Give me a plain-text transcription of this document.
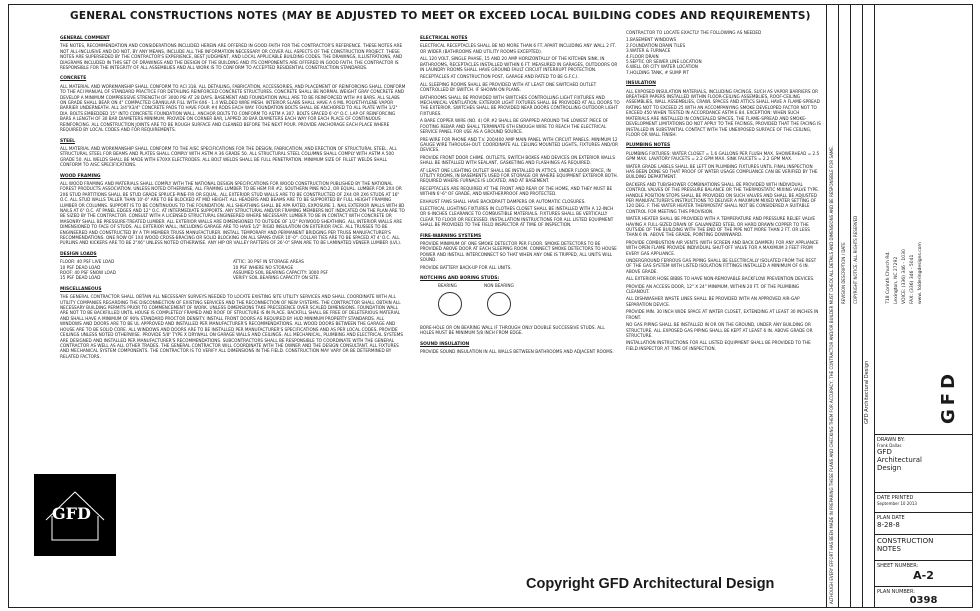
GENERAL CONSTRUCTIONS NOTES (MAY BE ADJUSTED TO MEET OR EXCEED LOCAL BUILDING CODES AND REQUIREMENTS)
GENERAL COMMENT
THE NOTES, RECOMMENDATION AND CONSIDERATIONS INCLUDED HEREIN ARE OFFERED IN GOOD FAITH FOR THE CONTRACTOR'S REFERENCE. THESE NOTES ARE NOT ALL-INCLUSIVE AND DO NOT, BY ANY MEANS, INCLUDE ALL THE INFORMATION NECESSARY OR COVER ALL ASPECTS OF THE CONSTRUCTION PROJECT. THESE NOTES ARE SUPERSEDED BY THE CONTRACTOR'S EXPERIENCE, BEST JUDGMENT, AND LOCAL APPLICABLE BUILDING CODES. THE DRAWINGS, ILLUSTRATIONS, AND DIAGRAMS INCLUDED IN THIS SET OF DRAWINGS AND THE DESIGN OF THE BUILDING AND ITS COMPONENTS ARE OFFERED IN GOOD FAITH. THE CONTRACTOR IS RESPONSIBLE FOR THE INTEGRITY OF ALL ASSEMBLIES AND ALL WORK IS TO CONFORM TO ACCEPTED RESIDENTIAL CONSTRUCTION STANDARDS.
CONCRETE
ALL MATERIAL AND WORKMANSHIP SHALL CONFORM TO ACI 318. ALL DETAILING, FABRICATION, ACCESSORIES, AND PLACEMENT OF REINFORCING SHALL CONFORM TO THE ACI MANUAL OF STANDARD PRACTICE FOR DETAILING REINFORCED CONCRETE STRUCTURES. CONCRETE SHALL BE NORMAL WEIGHT GRAY CONCRETE AND DEVELOP A MINIMUM COMPRESSIVE STRENGTH OF 3000 PSI AT 28 DAYS. BASEMENT AND FOUNDATION WALL ARE TO BE REINFORCED WITH #4 BARS. ALL SLABS ON GRADE SHALL BEAR ON 4" COMPACTED GRANULAR FILL WITH 6X6 - 1.4 WELDED WIRE MESH. INTERIOR SLABS SHALL HAVE A 6 MIL POLYETHYLENE VAPOR BARRIER UNDERNEATH. ALL 3/4"X3/4" CONCRETE PADS TO HAVE FOUR #4 RODS EACH WAY. FOUNDATION BOLTS SHALL BE ANCHORED TO ALL PLATE WITH 1/2" DIA. BOLTS EMBEDDED 15" INTO CONCRETE FOUNDATION WALL. ANCHOR BOLTS TO CONFORM TO ASTM A 307. BOLTS SPACED 6'-0" O.C. LAP OF REINFORCING BARS A LENGTH OF 30 BAR DIAMETERS MINIMUM. PROVIDE ON CORNER BAR, LAPPED 30 BAR DIAMETERS EACH WAY FOR EACH PLACE OF CONTINUOUS REINFORCING. ALL CONSTRUCTION JOINTS ARE TO BE ROUGH SURFACE AND CLEANED BEFORE THE NEXT POUR. PROVIDE ANCHORAGE EACH PLACE WHERE REQUIRED BY LOCAL CODES AND FOR REQUIREMENTS.
STEEL
ALL MATERIAL AND WORKMANSHIP SHALL CONFORM TO THE AISC SPECIFICATIONS FOR THE DESIGN, FABRICATION, AND ERECTION OF STRUCTURAL STEEL. ALL STRUCTURAL STEEL FOR BEAMS AND PLATES SHALL COMPLY WITH ASTM A 36 GRADE 50. ALL STRUCTURAL STEEL COLUMNS SHALL COMPLY WITH ASTM A 500 GRADE 50. ALL WELDS SHALL BE MADE WITH E70XX ELECTRODES. ALL BOLT WELDS SHALL BE FULL PENETRATION. MINIMUM SIZE OF FILLET WELDS SHALL CONFORM TO AISC SPECIFICATIONS.
WOOD FRAMING
ALL WOOD FRAMING AND MATERIALS SHALL COMPLY WITH THE NATIONAL DESIGN SPECIFICATIONS FOR WOOD CONSTRUCTION PUBLISHED BY THE NATIONAL FOREST PRODUCTS ASSOCIATION. UNLESS NOTED OTHERWISE, ALL FRAMING LUMBER TO BE HEM FIR #2, SOUTHERN PINE NO.2, OR EQUAL. LUMBER FOR 2X4 OR 2X6 STUD PARTITIONS SHALL BE STUD GRADE SPRUCE-PINE-FIR OR EQUAL. ALL EXTERIOR STUD WALLS ARE TO BE CONSTRUCTED OF 2X4 OR 2X6 STUDS AT 16" O.C. ALL STUD WALLS TALLER THAN 10'-0" ARE TO BE BLOCKED AT MID HEIGHT. ALL HEADERS AND BEAMS ARE TO BE SUPPORTED BY FULL HEIGHT FRAMING LUMBER OR COLUMNS. SUPPORT IS TO BE CONTINUOUS TO THE FOUNDATION. ALL SHEATHING SHALL BE APA RATED, EXPOSURE 1. NAIL EXTERIOR WALLS WITH 8D NAILS AT 6" O.C. AT PANEL EDGES AND 12" O.C. AT INTERMEDIATE SUPPORTS. ANY STRUCTURAL AND/OR FRAMING MEMBERS NOT INDICATED ON THE PLAN ARE TO BE SIZED BY THE CONTRACTOR. CONSULT WITH A LICENSED STRUCTURAL ENGINEERED WHERE NECESSARY. LUMBER TO BE IN CONTACT WITH CONCRETE OR MASONRY SHALL BE PRESSURE-TREATED LUMBER. ALL EXTERIOR WALLS ARE DIMENSIONED TO OUTSIDE OF 1/2" PLYWOOD SHEATHING. ALL INTERIOR WALLS ARE DIMENSIONED TO FACE OF STUDS. ALL EXTERIOR WALL, INCLUDING GARAGE ARE TO HAVE 1/2" RIGID INSULATION ON EXTERIOR FACE. ALL TRUSSES TO BE ENGINEERED AND CONSTRUCTED BY A TPI MEMBER TRUSS MANUFACTURER. INSTALL TEMPORARY AND PERMANENT BRIDGING PER TRUSS MANUFACTURER'S RECOMMENDATIONS. ONE ROW OF 1X4 WOOD CROSS-BRACING OR SOLID BLOCKING ON ALL SPANS OVER 10'-0". COLLAR TIES ARE TO BE SPACED AT 4' O.C. ALL PURLINS AND KICKERS ARE TO BE 2"X6" UNLESS NOTED OTHERWISE. ANY HIP OR VALLEY RAFTERS OF 26'-0" SPAN ARE TO BE LAMINATED VENEER LUMBER (LVL).
DESIGN LOADS
FLOOR: 40 PSF LIVE LOAD	ATTIC: 30 PSF IN STORAGE AREAS
10 PSF DEAD LOAD	10 PSF WHERE NO STORAGE
ROOF: 40 PSF SNOW LOAD	ASSUMED SOIL BEARING CAPACITY: 3000 PSF
15 PSF DEAD LOAD	VERIFY SOIL BEARING CAPACITY ON SITE.
MISCELLANEOUS
THE GENERAL CONTRACTOR SHALL OBTAIN ALL NECESSARY SURVEYS NEEDED TO LOCATE EXISTING SITE UTILITY SERVICES AND SHALL COORDINATE WITH ALL UTILITY COMPANIES REGARDING THE DISCONNECTION OF EXISTING SERVICES AND THE RECONNECTION OF NEW SYSTEMS. THE CONTRACTOR SHALL OBTAIN ALL NECESSARY BUILDING PERMITS PRIOR TO COMMENCEMENT OF WORK. UNLESS DIMENSIONS TAKE PRECEDENCE OVER SCALED DIMENSIONS. FOUNDATION WALL ARE NOT TO BE BACKFILLED UNTIL HOUSE IS COMPLETELY FRAMED AND ROOF OF STRUCTURE IS IN PLACE. BACKFILL SHALL BE FREE OF DELETERIOUS MATERIAL AND SHALL HAVE A MINIMUM OF 90% STANDARD PROCTOR DENSITY. INSTALL FRONT DOORS AS REQUIRED BY HUD MINIMUM PROPERTY STANDARDS. ALL WINDOWS AND DOORS ARE TO BE UL APPROVED AND INSTALLED PER MANUFACTURER'S RECOMMENDATIONS. ALL WOOD DOORS BETWEEN THE GARAGE AND HOUSE ARE TO BE SOLID CORE. ALL WINDOWS AND DOORS ARE TO BE INSTALLED PER MANUFACTURER'S SPECIFICATIONS AND AS PER LOCAL CODES. PROVIDE CEILINGS UNLESS NOTED OTHERWISE. PROVIDE 5/8" TYPE X DRYWALL ON GARAGE WALLS AND CEILINGS. ALL MECHANICAL, PLUMBING AND ELECTRICAL SYSTEMS ARE DESIGNED AND INSTALLED PER MANUFACTURER'S RECOMMENDATIONS. SUBCONTRACTORS SHALL BE RESPONSIBLE TO COORDINATE WITH THE GENERAL CONTRACTOR AS WELL AS ALL OTHER TRADES. THE GENERAL CONTRACTOR WILL COORDINATE WITH THE OWNER AND THE DESIGN CONSULTANT. ALL FIXTURES AND MECHANICAL SYSTEM COMPONENTS. THE CONTRACTOR IS TO VERIFY ALL DIMENSIONS IN THE FIELD. CONSTRUCTION MAY VARY OR BE DETERMINED BY RELATED FACTORS.
ELECTRICAL NOTES
ELECTRICAL RECEPTACLES SHALL BE NO MORE THAN 6 FT. APART INCLUDING ANY WALL 2 FT. OR WIDER (BATHROOMS AND UTILITY ROOMS EXCEPTED).
ALL 120 VOLT, SINGLE PHASE, 15 AND 20 AMP HORIZONTALLY OF THE KITCHEN SINK, IN BATHROOMS, RECEPTACLES INSTALLED WITHIN 6 FT. MEASURED IN GARAGES, OUTDOORS OR IN LAUNDRY ROOMS SHALL HAVE GROUND FAULT CIRCUIT INTERRUPT PROTECTION.
RECEPTACLES AT CONSTRUCTION POST, GARAGE AND RATED TO BE G.F.C.I.
ALL SLEEPING ROOMS SHALL BE PROVIDED WITH AT LEAST ONE SWITCHED OUTLET CONTROLLED BY SWITCH. IF SHOWN ON PLANS.
BATHROOMS SHALL BE PROVIDED WITH SWITCHES CONTROLLING LIGHT FIXTURES AND MECHANICAL VENTILATION. EXTERIOR LIGHT FIXTURES SHALL BE PROVIDED AT ALL DOORS TO THE EXTERIOR. SWITCHES SHALL BE PROVIDED NEAR DOORS CONTROLLING OUTDOOR LIGHT FIXTURES.
A BARE COPPER WIRE (NO. 4) OR #2 SHALL BE GRAPPED AROUND THE LOWEST PIECE OF FOOTING REBAR AND SHALL TERMINATE 6TH ENOUGH WIRE TO REACH THE ELECTRICAL SERVICE PANEL FOR USE AS A GROUND SOURCE.
PRE-WIRE FOR PHONE AND T.V. 200/400 AMP MAIN PANEL WITH CIRCUIT PANELS. MINIMUM 12 GAUGE WIRE THROUGH-OUT. COORDINATE ALL CEILING MOUNTED LIGHTS, FIXTURES AND/OR DEVICES.
PROVIDE FRONT DOOR CHIME. OUTLETS, SWITCH BOXES AND DEVICES ON EXTERIOR WALLS SHALL BE INSTALLED WITH SEALANT, GASKETING AND FLASHINGS AS REQUIRED.
AT LEAST ONE LIGHTING OUTLET SHALL BE INSTALLED IN ATTICS, UNDER FLOOR SPACE, IN UTILITY ROOMS, IN BASEMENTS USED FOR STORAGE OR WHERE EQUIPMENT EXTERIOR BOTH. REQUIRED WHERE FURNACE IS LOCATED, AND AT BASEMENT.
RECEPTACLES ARE REQUIRED AT THE FRONT AND REAR OF THE HOME, AND THEY MUST BE WITHIN 6'-6" OF GRADE, AND WEATHERPROOF AND PROTECTED.
EXHAUST FANS SHALL HAVE BACKDRAFT DAMPERS OR AUTOMATIC CLOSURES.
ELECTRICAL LIGHTING FIXTURES IN CLOTHES CLOSET SHALL BE INSTALLED WITH A 12-INCH OR 6-INCHES CLEARANCE TO COMBUSTIBLE MATERIALS. FIXTURES SHALL BE VERTICALLY CLEAR TO FLOOR OR RECESSED. INSTALLATION INSTRUCTIONS FOR ALL LISTED EQUIPMENT SHALL BE PROVIDED TO THE FIELD INSPECTOR AT TIME OF INSPECTION.
FIRE-WARNING SYSTEMS
PROVIDE MINIMUM OF ONE SMOKE DETECTOR PER FLOOR. SMOKE DETECTORS TO BE PROVIDED ABOVE DOOR AT EACH SLEEPING ROOM. CONNECT SMOKE DETECTORS TO HOUSE POWER AND INSTALL INTERCONNECT SO THAT WHEN ANY ONE IS TRIPPED, ALL UNITS WILL SOUND.
PROVIDE BATTERY BACK-UP FOR ALL UNITS.
NOTCHING AND BORING STUDS:
BEARING	NON BEARING
BORE-HOLE OR ON BEARING WALL IF THROUGH ONLY DOUBLE SUCCESSIVE STUDS. ALL HOLES MUST BE MINIMUM 5/8 INCH FROM EDGE.
SOUND INSULATION
PROVIDE SOUND INSULATION IN ALL WALLS BETWEEN BATHROOMS AND ADJACENT ROOMS.
CONTRACTOR TO LOCATE EXACTLY THE FOLLOWING AS NEEDED
1.BASEMENT WINDOWS
2.FOUNDATION DRAIN TILES
3.WATER & FURNACE
4.FLOOR DRAIN
5.SEPTIC OR SEWER LINE LOCATION
6.WELL OR CITY WATER LOCATION
7.HOLDING TANK, # SUMP PIT
INSULATION
ALL EXPOSED INSULATION MATERIALS, INCLUDING FACINGS, SUCH AS VAPOR BARRIERS OR BREATHER PAPERS INSTALLED WITHIN FLOOR-CEILING ASSEMBLIES, ROOF-CEILING ASSEMBLIES, WALL ASSEMBLIES, CRAWL SPACES AND ATTICS SHALL HAVE A FLAME-SPREAD RATING NOT TO EXCEED 25 WITH AN ACCOMPANYING SMOKE DEVELOPED FACTOR NOT TO EXCEED 450 WHEN TESTED IN ACCORDANCE ASTM E 84. EXCEPTION: WHEN SUCH MATERIALS ARE INSTALLED IN CONCEALED SPACES, THE FLAME-SPREAD AND SMOKE-DEVELOPMENT LIMITATIONS DO NOT APPLY TO THE FACINGS, PROVIDED THAT THE FACING IS INSTALLED IN SUBSTANTIAL CONTACT WITH THE UNEXPOSED SURFACE OF THE CEILING, FLOOR OR WALL FINISH.
PLUMBING NOTES
PLUMBING FIXTURES: WATER CLOSET = 1.6 GALLONS PER FLUSH MAX. SHOWERHEAD = 2.5 GPM MAX. LAVATORY FAUCETS = 2.2 GPM MAX. SINK FAUCETS = 2.2 GPM MAX.
WATER GRADE LABELS SHALL BE LEFT ON PLUMBING FIXTURES UNTIL FINAL INSPECTION HAS BEEN DONE SO THAT PROOF OF WATER USAGE COMPLIANCE CAN BE VERIFIED BY THE BUILDING DEPARTMENT.
BACKERS AND TUB/SHOWER COMBINATIONS SHALL BE PROVIDED WITH INDIVIDUAL CONTROL VALVES OF THE PRESSURE BALANCE OR THE THERMOSTATIC MIXING VALVE TYPE. HANDLE POSITION STOPS SHALL BE PROVIDED ON SUCH VALVES AND SHALL BE ADJUSTED PER MANUFACTURER'S INSTRUCTIONS TO DELIVER A MAXIMUM MIXED WATER SETTING OF 120 DEG. F. THE WATER HEATER THERMOSTAT SHALL NOT BE CONSIDERED A SUITABLE CONTROL FOR MEETING THIS PROVISION.
WATER HEATER SHALL BE PROVIDED WITH A TEMPERATURE AND PRESSURE RELIEF VALVE HAVING A FULL-SIZED DRAIN OF GALVANIZED STEEL OR HARD DRAWN COPPER TO THE OUTSIDE OF THE BUILDING WITH THE END OF THE PIPE NOT MORE THAN 2 FT. OR LESS THAN 6 IN. ABOVE THE GRADE, POINTING DOWNWARD.
PROVIDE COMBUSTION AIR VENTS (WITH SCREEN AND BACK DAMPER) FOR ANY APPLIANCE WITH OPEN FLAME PROVIDE INDIVIDUAL SHUT-OFF VALVE FOR A MAXIMUM 3 FEET FROM EVERY GAS APPLIANCE.
UNDERGROUND FERROUS GAS PIPING SHALL BE ELECTRICALLY ISOLATED FROM THE REST OF THE GAS SYSTEM WITH LISTED ISOLATION FITTINGS INSTALLED A MINIMUM OF 6 IN. ABOVE GRADE.
ALL EXTERIOR HOSE BIBBS TO HAVE NON-REMOVABLE BACKFLOW PREVENTION DEVICES.
PROVIDE AN ACCESS DOOR, 12" X 24" MINIMUM, WITHIN 20 FT. OF THE PLUMBING CLEANOUT.
ALL DISHWASHER WASTE LINES SHALL BE PROVIDED WITH AN APPROVED AIR-GAP SEPARATION DEVICE.
PROVIDE MIN. 30 INCH WIDE SPACE AT WATER CLOSET, EXTENDING AT LEAST 30 INCHES IN FRONT.
NO GAS PIPING SHALL BE INSTALLED IN OR ON THE GROUND, UNDER ANY BUILDING OR STRUCTURE. ALL EXPOSED GAS PIPING SHALL BE KEPT AT LEAST 6 IN. ABOVE GRADE OR STRUCTURE.
INSTALLATION INSTRUCTIONS FOR ALL LISTED EQUIPMENT SHALL BE PROVIDED TO THE FIELD INSPECTOR AT TIME OF INSPECTION.
GFD
Copyright GFD Architectural Design	ALTHOUGH EVERY EFFORT HAS BEEN MADE IN PREPARING THESE PLANS AND CHECKING THEM FOR ACCURACY, THE CONTRACTOR AND/OR BUILDER MUST CHECK ALL DETAILS AND DIMENSIONS AND BE RESPONSIBLE FOR SAME. REVISION DESCRIPTION / DATE COPYRIGHT NOTICE: ALL RIGHTS RESERVED
GFD Architectural Design
718 Corinth Church Rd. Lexington, NC 27292 VOICE: (336) 346 - 1030 FAX: (336) 346 - 5041 www. folderingdesigns.com
GFD
DRAWN BY:
Frank Dallas
GFD
Architectural
Design
DATE PRINTED
September 10 2013
PLAN DATE
8-28-8
CONSTRUCTION
NOTES
SHEET NUMBER:
A-2
PLAN NUMBER:
0398
